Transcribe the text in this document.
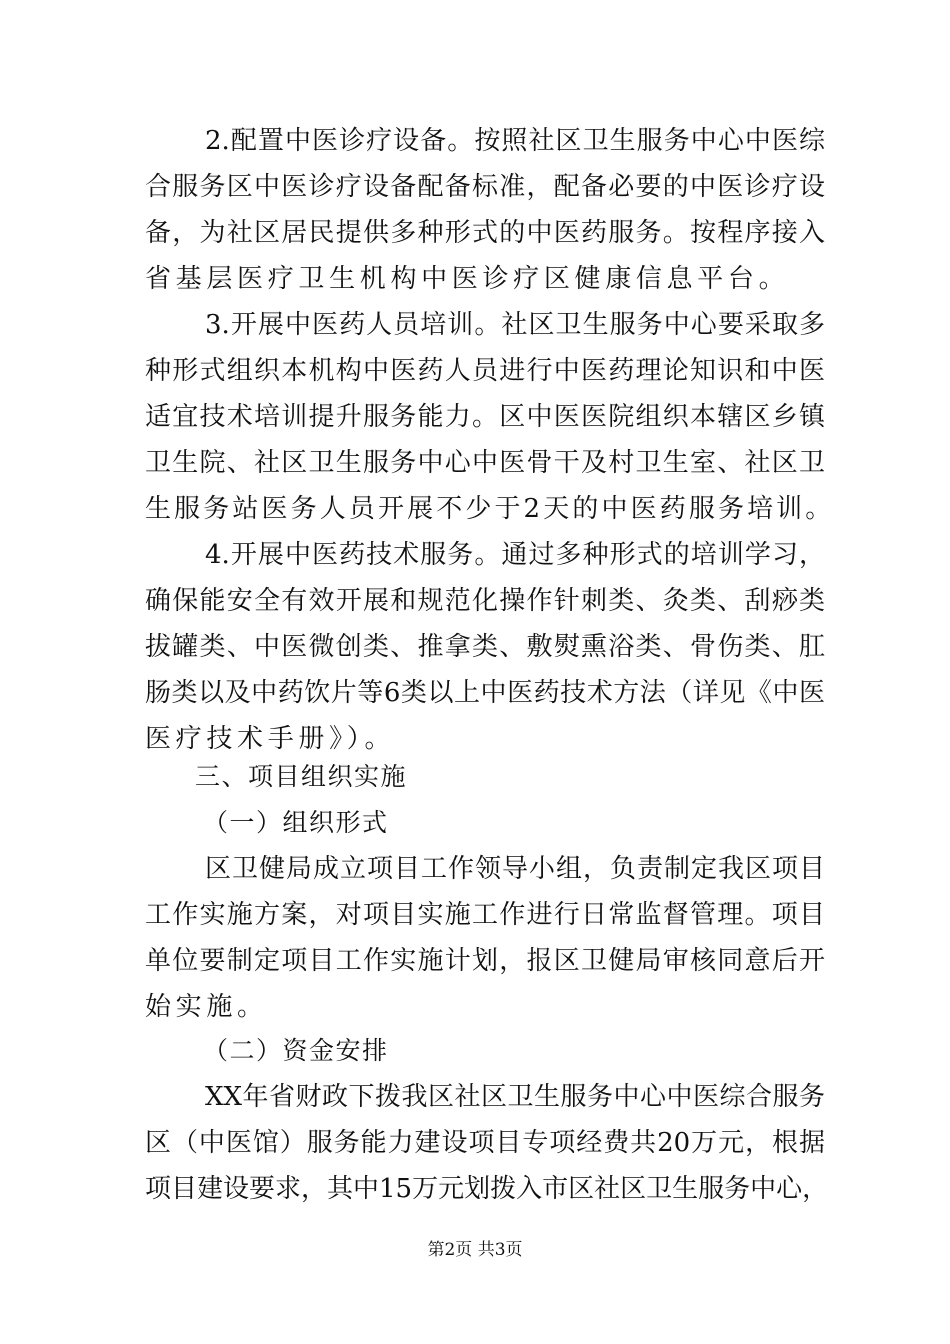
2.配置中医诊疗设备。按照社区卫生服务中心中医综
合服务区中医诊疗设备配备标准，配备必要的中医诊疗设
备，为社区居民提供多种形式的中医药服务。按程序接入
省基层医疗卫生机构中医诊疗区健康信息平台。
3.开展中医药人员培训。社区卫生服务中心要采取多
种形式组织本机构中医药人员进行中医药理论知识和中医
适宜技术培训提升服务能力。区中医医院组织本辖区乡镇
卫生院、社区卫生服务中心中医骨干及村卫生室、社区卫
生服务站医务人员开展不少于2天的中医药服务培训。
4.开展中医药技术服务。通过多种形式的培训学习，
确保能安全有效开展和规范化操作针刺类、灸类、刮痧类
拔罐类、中医微创类、推拿类、敷熨熏浴类、骨伤类、肛
肠类以及中药饮片等6类以上中医药技术方法（详见《中医
医疗技术手册》）。
三、项目组织实施
（一）组织形式
区卫健局成立项目工作领导小组，负责制定我区项目
工作实施方案，对项目实施工作进行日常监督管理。项目
单位要制定项目工作实施计划，报区卫健局审核同意后开
始实施。
（二）资金安排
XX年省财政下拨我区社区卫生服务中心中医综合服务
区（中医馆）服务能力建设项目专项经费共20万元，根据
项目建设要求，其中15万元划拨入市区社区卫生服务中心，
第2页 共3页
